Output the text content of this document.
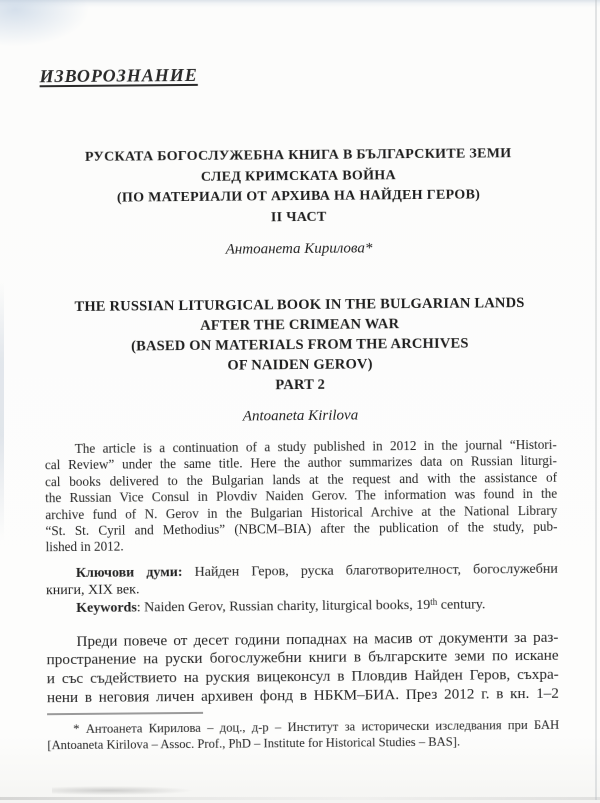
ИЗВОРОЗНАНИЕ
РУСКАТА БОГОСЛУЖЕБНА КНИГА В БЪЛГАРСКИТЕ ЗЕМИ
СЛЕД КРИМСКАТА ВОЙНА
(ПО МАТЕРИАЛИ ОТ АРХИВА НА НАЙДЕН ГЕРОВ)
II ЧАСТ
Антоанета Кирилова*
THE RUSSIAN LITURGICAL BOOK IN THE BULGARIAN LANDS
AFTER THE CRIMEAN WAR
(BASED ON MATERIALS FROM THE ARCHIVES
OF NAIDEN GEROV)
PART 2
Antoaneta Kirilova
The article is a continuation of a study published in 2012 in the journal “Histori-
cal Review” under the same title. Here the author summarizes data on Russian liturgi-
cal books delivered to the Bulgarian lands at the request and with the assistance of
the Russian Vice Consul in Plovdiv Naiden Gerov. The information was found in the
archive fund of N. Gerov in the Bulgarian Historical Archive at the National Library
“St. St. Cyril and Methodius” (NBCM–BIA) after the publication of the study, pub-
lished in 2012.

Ключови думи: Найден Геров, руска благотворителност, богослужебни

книги, XIX век.

Keywords: Naiden Gerov, Russian charity, liturgical books, 19th century.

Преди повече от десет години попаднах на масив от документи за раз-
пространение на руски богослужебни книги в българските земи по искане
и със съдействието на руския вицеконсул в Пловдив Найден Геров, съхра-
нени в неговия личен архивен фонд в НБКМ–БИА. През 2012 г. в кн. 1–2
* Антоанета Кирилова – доц., д-р – Институт за исторически изследвания при БАН
[Antoaneta Kirilova – Assoc. Prof., PhD – Institute for Historical Studies – BAS].
